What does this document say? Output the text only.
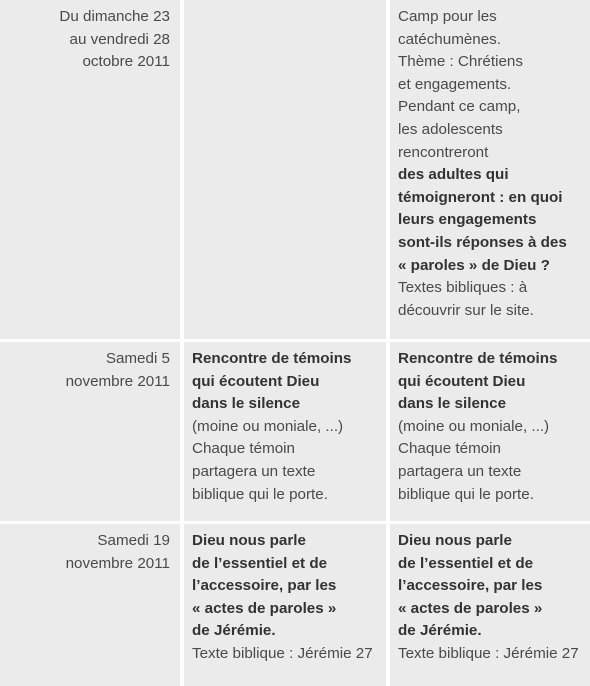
Du dimanche 23
au vendredi 28
octobre 2011
Camp pour les
catéchumènes.
Thème : Chrétiens
et engagements.
Pendant ce camp,
les adolescents
rencontreront
des adultes qui
témoigneront : en quoi
leurs engagements
sont-ils réponses à des
« paroles » de Dieu ?
Textes bibliques : à
découvrir sur le site.
Samedi 5
novembre 2011
Rencontre de témoins
qui écoutent Dieu
dans le silence
(moine ou moniale, ...)
Chaque témoin
partagera un texte
biblique qui le porte.
Rencontre de témoins
qui écoutent Dieu
dans le silence
(moine ou moniale, ...)
Chaque témoin
partagera un texte
biblique qui le porte.
Samedi 19
novembre 2011
Dieu nous parle
de l’essentiel et de
l’accessoire, par les
« actes de paroles »
de Jérémie.
Texte biblique : Jérémie 27
Dieu nous parle
de l’essentiel et de
l’accessoire, par les
« actes de paroles »
de Jérémie.
Texte biblique : Jérémie 27
